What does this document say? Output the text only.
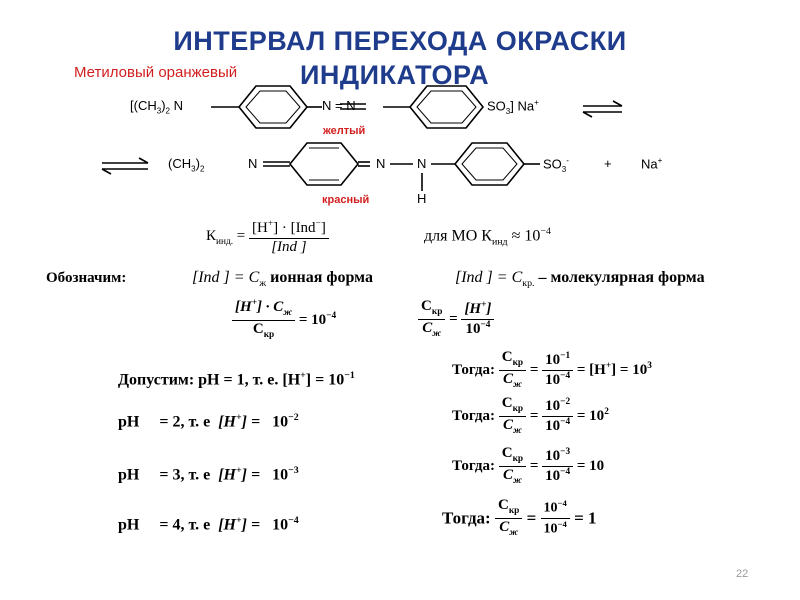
ИНТЕРВАЛ ПЕРЕХОДА ОКРАСКИ
ИНДИКАТОРА
Метиловый оранжевый
[$(CH_3)_2$ N	N = N	$SO_3$] Na+
желтый
$(CH_3)_2$	N	N N
H
$SO_3^-$	+ Na+
красный
$К_{инд.} = \frac{[Н^+] \cdot [Ind^-]}{\text{[Ind ]}}$	для МО $К_{инд} \approx 10^{-4}$
Обозначим:	[Ind ] = $С_ж$ ионная форма	[Ind ] = $С_{кр.}$ – молекулярная форма
$\frac{[Н^+] \cdot С_ж}{С_{кр}} = 10^{-4}$	$\frac{С_{кр}}{С_ж} = \frac{[Н^+]}{10^{-4}}$
Допустим: рН = 1, т. е. $[Н^+] = 10^{-1}$
рН = 2, т. е $[Н^+] = 10^{-2}$
рН = 3, т. е $[Н^+] = 10^{-3}$
рН = 4, т. е $[Н^+] = 10^{-4}$
Тогда: $\frac{С_{кр}}{С_ж} = \frac{10^{-1}}{10^{-4}} = [Н^+] = 10^3$
Тогда: $\frac{С_{кр}}{С_ж} = \frac{10^{-2}}{10^{-4}} = 10^2$
Тогда: $\frac{С_{кр}}{С_ж} = \frac{10^{-3}}{10^{-4}} = 10$
Тогда: $\frac{С_{кр}}{С_ж} = \frac{10^{-4}}{10^{-4}} = 1$
22
